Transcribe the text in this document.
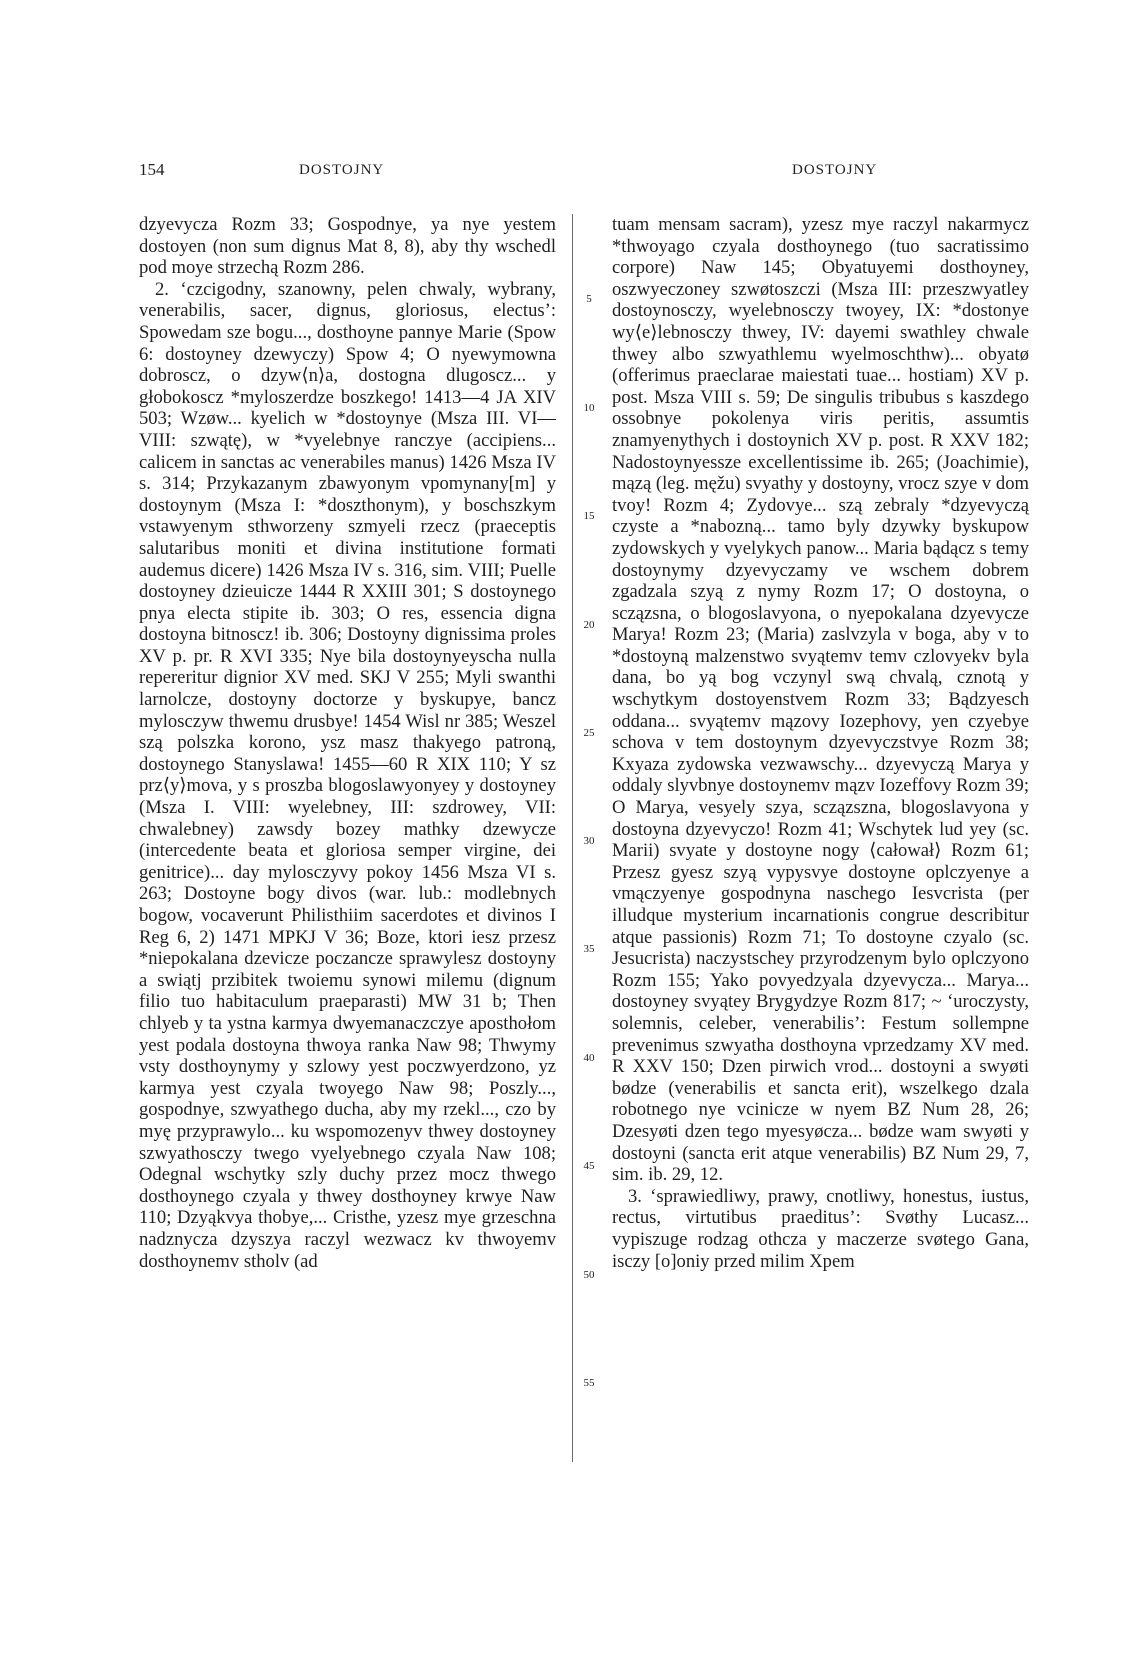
154	DOSTOJNY	DOSTOJNY

dzyevycza Rozm 33; Gospodnye, ya nye yestem dostoyen (non sum dignus Mat 8, 8), aby thy wschedl pod moye strzechą Rozm 286.

2. ‘czcigodny, szanowny, pelen chwaly, wybrany, venerabilis, sacer, dignus, gloriosus, electus’: Spowedam sze bogu..., dosthoyne pannye Marie (Spow 6: dostoyney dzewyczy) Spow 4; O nyewymowna dobroscz, o dzyw⟨n⟩a, dostogna dlugoscz... y głobokoscz *myloszerdze boszkego! 1413—4 JA XIV 503; Wzøw... kyelich w *dostoynye (Msza III. VI—VIII: szwątę), w *vyelebnye ranczye (accipiens... calicem in sanctas ac venerabiles manus) 1426 Msza IV s. 314; Przykazanym zbawyonym vpomynany[m] y dostoynym (Msza I: *doszthonym), y boschszkym vstawyenym sthworzeny szmyeli rzecz (praeceptis salutaribus moniti et divina institutione formati audemus dicere) 1426 Msza IV s. 316, sim. VIII; Puelle dostoyney dzieuicze 1444 R XXIII 301; S dostoynego pnya electa stipite ib. 303; O res, essencia digna dostoyna bitnoscz! ib. 306; Dostoyny dignissima proles XV p. pr. R XVI 335; Nye bila dostoynyeyscha nulla repereritur dignior XV med. SKJ V 255; Myli swanthi larnolcze, dostoyny doctorze y byskupye, bancz mylosczyw thwemu drusbye! 1454 Wisl nr 385; Weszel szą polszka korono, ysz masz thakyego patroną, dostoynego Stanyslawa! 1455—60 R XIX 110; Y sz prz⟨y⟩mova, y s proszba blogoslawyonyey y dostoyney (Msza I. VIII: wyelebney, III: szdrowey, VII: chwalebney) zawsdy bozey mathky dzewycze (intercedente beata et gloriosa semper virgine, dei genitrice)... day mylosczyvy pokoy 1456 Msza VI s. 263; Dostoyne bogy divos (war. lub.: modlebnych bogow, vocaverunt Philisthiim sacerdotes et divinos I Reg 6, 2) 1471 MPKJ V 36; Boze, ktori iesz przesz *niepokalana dzevicze poczancze sprawylesz dostoyny a swiątj przibitek twoiemu synowi milemu (dignum filio tuo habitaculum praeparasti) MW 31 b; Then chlyeb y ta ystna karmya dwyemanaczczye aposthołom yest podala dostoyna thwoya ranka Naw 98; Thwymy vsty dosthoynymy y szlowy yest poczwyerdzono, yz karmya yest czyala twoyego Naw 98; Poszly..., gospodnye, szwyathego ducha, aby my rzekl..., czo by myę przyprawylo... ku wspomozenyv thwey dostoyney szwyathosczy twego vyelyebnego czyala Naw 108; Odegnal wschytky szly duchy przez mocz thwego dosthoynego czyala y thwey dosthoyney krwye Naw 110; Dzyąkvya thobye,... Cristhe, yzesz mye grzeschna nadznycza dzyszya raczyl wezwacz kv thwoyemv dosthoynemv stholv (ad

5
10
15
20
25
30
35
40
45
50
55

tuam mensam sacram), yzesz mye raczyl nakarmycz *thwoyago czyala dosthoynego (tuo sacratissimo corpore) Naw 145; Obyatuyemi dosthoyney, oszwyeczoney szwøtoszczi (Msza III: przeszwyatley dostoynosczy, wyelebnosczy twoyey, IX: *dostonye wy⟨e⟩lebnosczy thwey, IV: dayemi swathley chwale thwey albo szwyathlemu wyelmoschthw)... obyatø (offerimus praeclarae maiestati tuae... hostiam) XV p. post. Msza VIII s. 59; De singulis tribubus s kaszdego ossobnye pokolenya viris peritis, assumtis znamyenythych i dostoynich XV p. post. R XXV 182; Nadostoynyessze excellentissime ib. 265; (Joachimie), mązą (leg. męžu) svyathy y dostoyny, vrocz szye v dom tvoy! Rozm 4; Zydovye... szą zebraly *dzyevyczą czyste a *nabozną... tamo byly dzywky byskupow zydowskych y vyelykych panow... Maria bądącz s temy dostoynymy dzyevyczamy ve wschem dobrem zgadzala szyą z nymy Rozm 17; O dostoyna, o sczązsna, o blogoslavyona, o nyepokalana dzyevycze Marya! Rozm 23; (Maria) zaslvzyla v boga, aby v to *dostoyną malzenstwo svyątemv temv czlovyekv byla dana, bo yą bog vczynyl swą chvalą, cznotą y wschytkym dostoyenstvem Rozm 33; Bądzyesch oddana... svyątemv mązovy Iozephovy, yen czyebye schova v tem dostoynym dzyevyczstvye Rozm 38; Kxyaza zydowska vezwawschy... dzyevyczą Marya y oddaly slyvbnye dostoynemv mązv Iozeffovy Rozm 39; O Marya, vesyely szya, sczązszna, blogoslavyona y dostoyna dzyevyczo! Rozm 41; Wschytek lud yey (sc. Marii) svyate y dostoyne nogy ⟨całował⟩ Rozm 61; Przesz gyesz szyą vypysvye dostoyne oplczyenye a vmączyenye gospodnyna naschego Iesvcrista (per illudque mysterium incarnationis congrue describitur atque passionis) Rozm 71; To dostoyne czyalo (sc. Jesucrista) naczystschey przyrodzenym bylo oplczyono Rozm 155; Yako povyedzyala dzyevycza... Marya... dostoyney svyątey Brygydzye Rozm 817; ~ ‘uroczysty, solemnis, celeber, venerabilis’: Festum sollempne prevenimus szwyatha dosthoyna vprzedzamy XV med. R XXV 150; Dzen pirwich vrod... dostoyni a swyøti bødze (venerabilis et sancta erit), wszelkego dzala robotnego nye vcinicze w nyem BZ Num 28, 26; Dzesyøti dzen tego myesyøcza... bødze wam swyøti y dostoyni (sancta erit atque venerabilis) BZ Num 29, 7, sim. ib. 29, 12.

3. ‘sprawiedliwy, prawy, cnotliwy, honestus, iustus, rectus, virtutibus praeditus’: Svøthy Lucasz... vypiszuge rodzag othcza y maczerze svøtego Gana, isczy [o]oniy przed milim Xpem
